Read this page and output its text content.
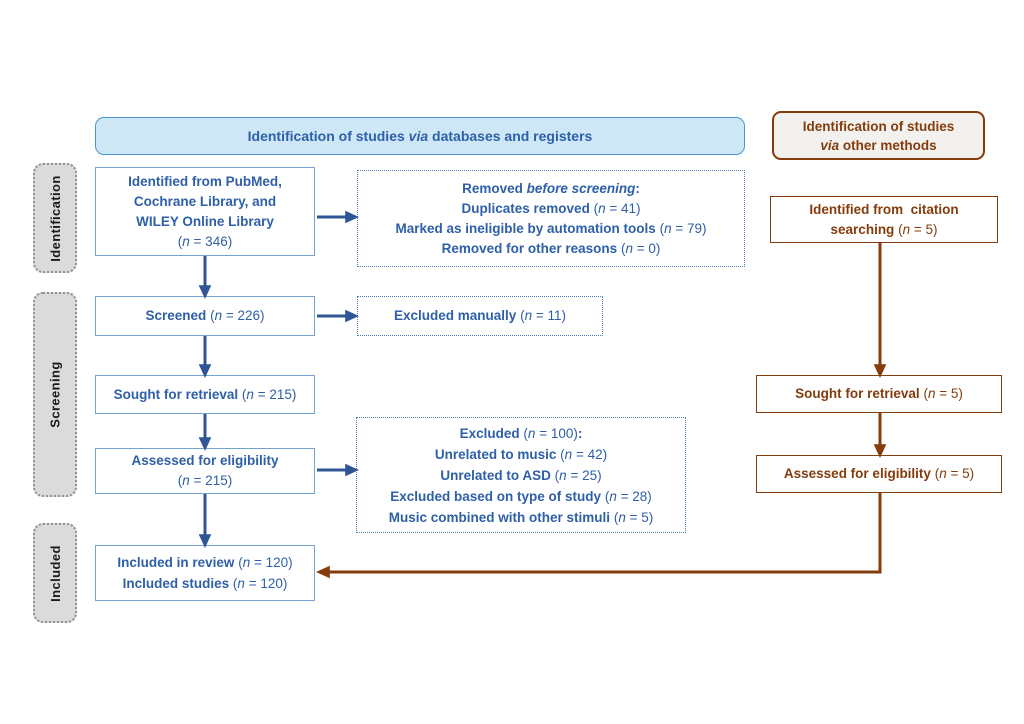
Identification
Screening
Included
Identification of studies via databases and registers
Identification of studies
via other methods
Identified from PubMed,
Cochrane Library, and
WILEY Online Library
(n = 346)
Removed before screening:
Duplicates removed (n = 41)
Marked as ineligible by automation tools (n = 79)
Removed for other reasons (n = 0)
Screened (n = 226)	Excluded manually (n = 11)
Sought for retrieval (n = 215)
Assessed for eligibility
(n = 215)
Excluded (n = 100):
Unrelated to music (n = 42)
Unrelated to ASD (n = 25)
Excluded based on type of study (n = 28)
Music combined with other stimuli (n = 5)
Included in review (n = 120)
Included studies (n = 120)
Identified from  citation
searching (n = 5)
Sought for retrieval (n = 5)
Assessed for eligibility (n = 5)
